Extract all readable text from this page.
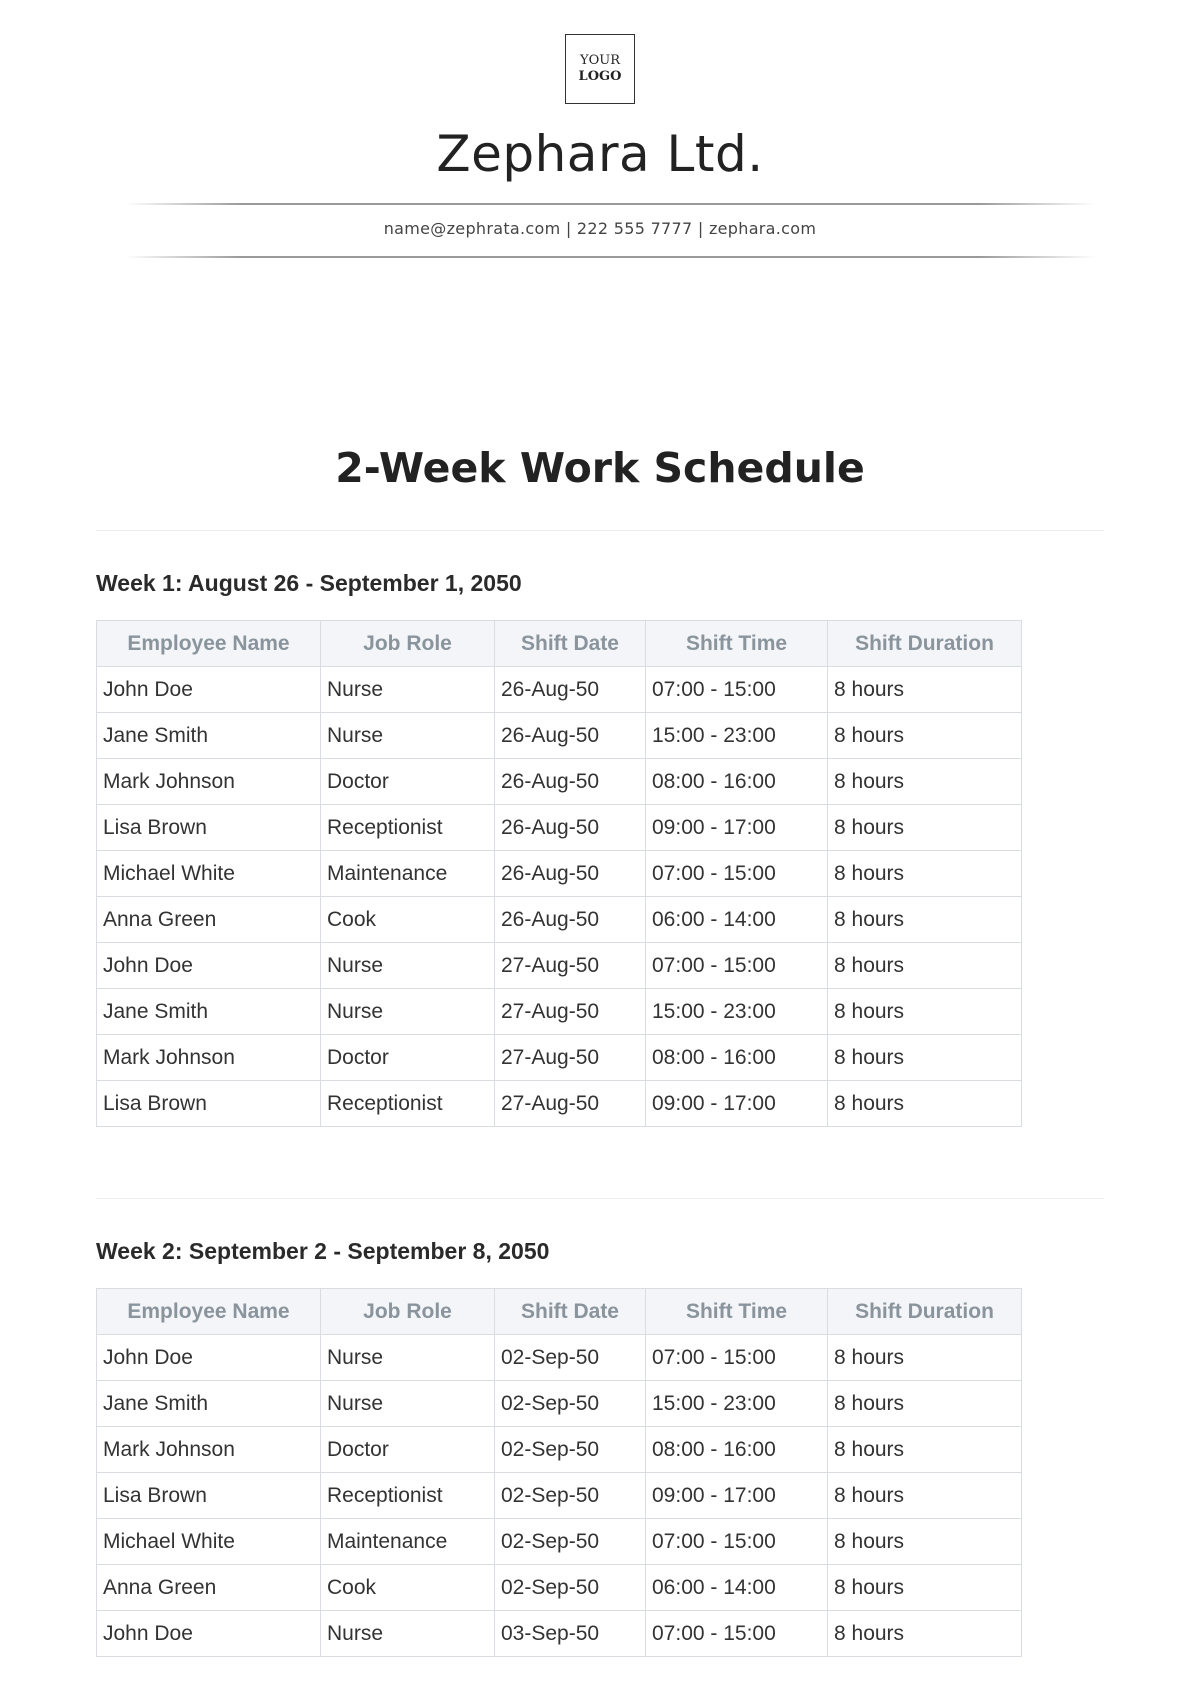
YOUR
LOGO
Zephara Ltd.
name@zephrata.com | 222 555 7777 | zephara.com
2-Week Work Schedule
Week 1: August 26 - September 1, 2050
Employee Name	Job Role	Shift Date	Shift Time	Shift Duration
John Doe	Nurse	26-Aug-50	07:00 - 15:00	8 hours
Jane Smith	Nurse	26-Aug-50	15:00 - 23:00	8 hours
Mark Johnson	Doctor	26-Aug-50	08:00 - 16:00	8 hours
Lisa Brown	Receptionist	26-Aug-50	09:00 - 17:00	8 hours
Michael White	Maintenance	26-Aug-50	07:00 - 15:00	8 hours
Anna Green	Cook	26-Aug-50	06:00 - 14:00	8 hours
John Doe	Nurse	27-Aug-50	07:00 - 15:00	8 hours
Jane Smith	Nurse	27-Aug-50	15:00 - 23:00	8 hours
Mark Johnson	Doctor	27-Aug-50	08:00 - 16:00	8 hours
Lisa Brown	Receptionist	27-Aug-50	09:00 - 17:00	8 hours
Week 2: September 2 - September 8, 2050
Employee Name	Job Role	Shift Date	Shift Time	Shift Duration
John Doe	Nurse	02-Sep-50	07:00 - 15:00	8 hours
Jane Smith	Nurse	02-Sep-50	15:00 - 23:00	8 hours
Mark Johnson	Doctor	02-Sep-50	08:00 - 16:00	8 hours
Lisa Brown	Receptionist	02-Sep-50	09:00 - 17:00	8 hours
Michael White	Maintenance	02-Sep-50	07:00 - 15:00	8 hours
Anna Green	Cook	02-Sep-50	06:00 - 14:00	8 hours
John Doe	Nurse	03-Sep-50	07:00 - 15:00	8 hours
